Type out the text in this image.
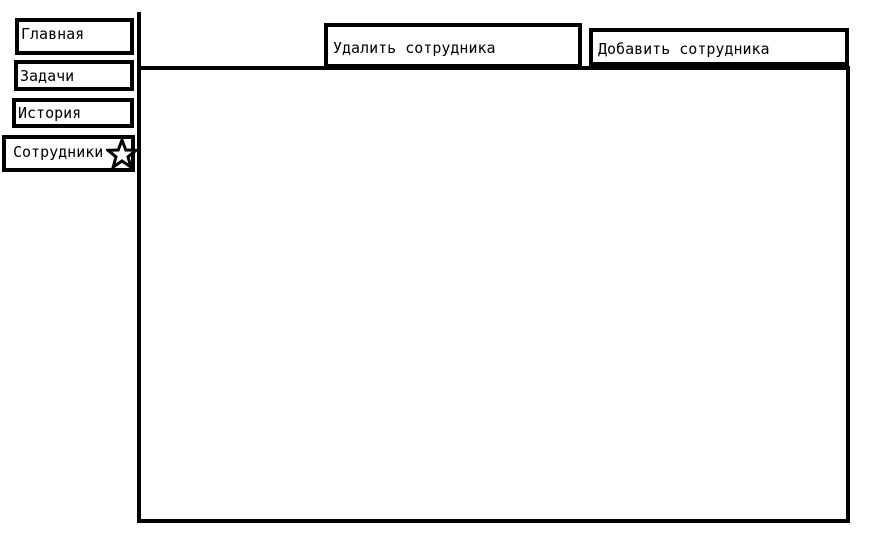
Главная
Задачи
История
Сотрудники
Удалить сотрудника	Добавить сотрудника
